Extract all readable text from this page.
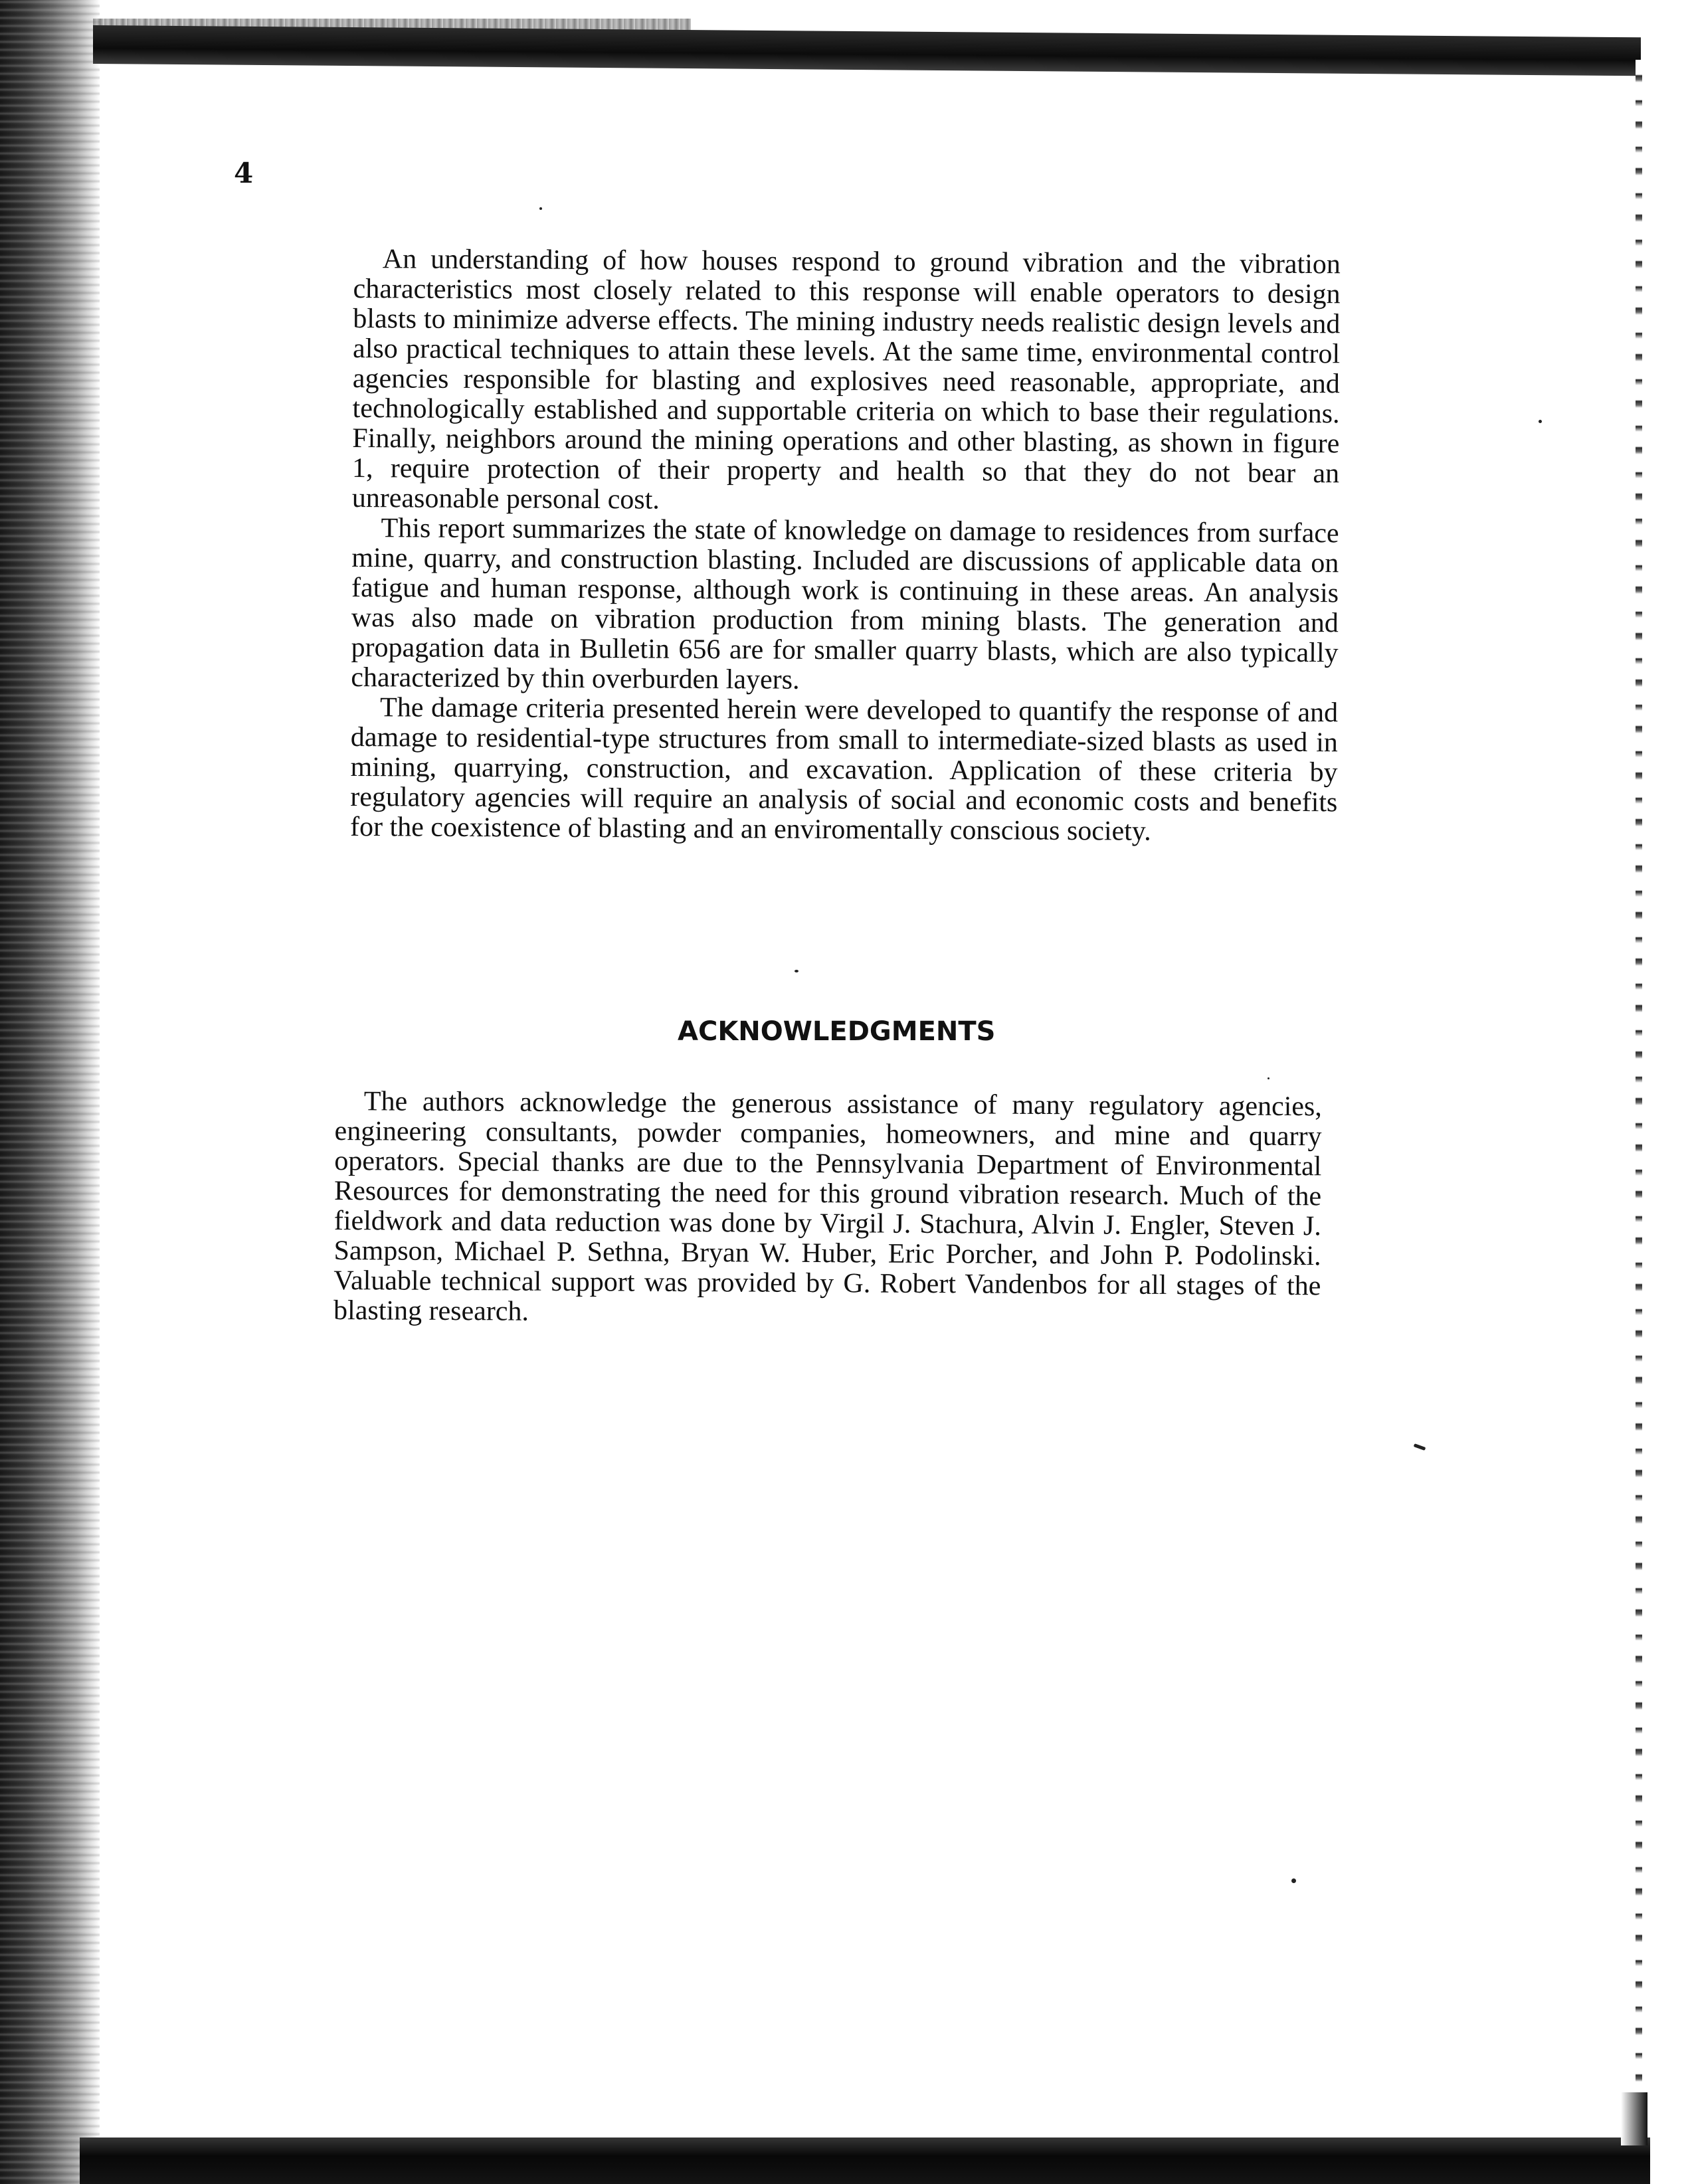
4

An understanding of how houses respond to ground vibration and the vibration characteristics most closely related to this response will enable operators to design blasts to minimize adverse effects. The mining industry needs realistic design levels and also practical techniques to attain these levels. At the same time, environmental control agencies responsible for blasting and explosives need reasonable, appropriate, and technologically established and supportable criteria on which to base their regulations. Finally, neighbors around the mining operations and other blasting, as shown in figure 1, require protection of their property and health so that they do not bear an unreasonable personal cost.

This report summarizes the state of knowledge on damage to residences from surface mine, quarry, and construction blasting. Included are discussions of applicable data on fatigue and human response, although work is continuing in these areas. An analysis was also made on vibration production from mining blasts. The generation and propagation data in Bulletin 656 are for smaller quarry blasts, which are also typically characterized by thin overburden layers.

The damage criteria presented herein were developed to quantify the response of and damage to residential-type structures from small to intermediate-sized blasts as used in mining, quarrying, construction, and excavation. Application of these criteria by regulatory agencies will require an analysis of social and economic costs and benefits for the coexistence of blasting and an enviromentally conscious society.

ACKNOWLEDGMENTS

The authors acknowledge the generous assistance of many regulatory agencies, engineering consultants, powder companies, homeowners, and mine and quarry operators. Special thanks are due to the Pennsylvania Department of Environmental Resources for demonstrating the need for this ground vibration research. Much of the fieldwork and data reduction was done by Virgil J. Stachura, Alvin J. Engler, Steven J. Sampson, Michael P. Sethna, Bryan W. Huber, Eric Porcher, and John P. Podolinski. Valuable technical support was provided by G. Robert Vandenbos for all stages of the blasting research.
